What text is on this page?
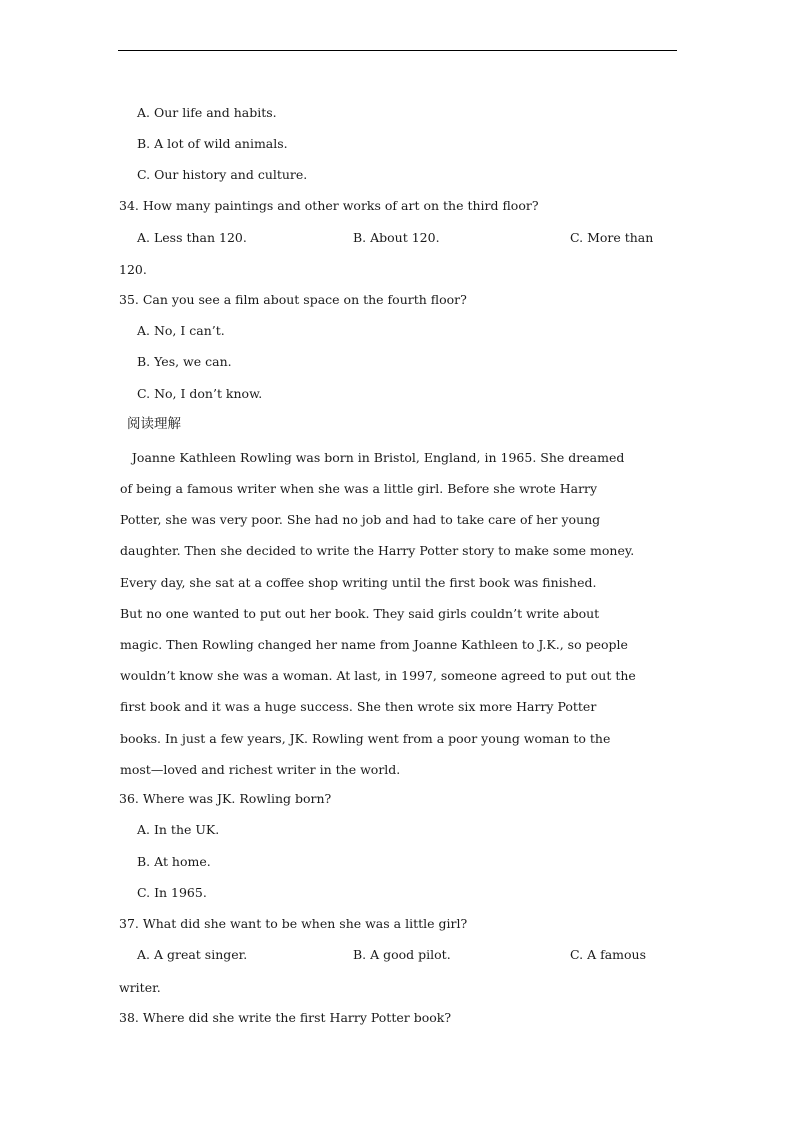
A. Our life and habits.
B. A lot of wild animals.
C. Our history and culture.
34. How many paintings and other works of art on the third floor?
A. Less than 120.	B. About 120.	C. More than
120.
35. Can you see a film about space on the fourth floor?
A. No, I can’t.
B. Yes, we can.
C. No, I don’t know.
阅读理解
Joanne Kathleen Rowling was born in Bristol, England, in 1965. She dreamed
of being a famous writer when she was a little girl. Before she wrote Harry
Potter, she was very poor. She had no job and had to take care of her young
daughter. Then she decided to write the Harry Potter story to make some money.
Every day, she sat at a coffee shop writing until the first book was finished.
But no one wanted to put out her book. They said girls couldn’t write about
magic. Then Rowling changed her name from Joanne Kathleen to J.K., so people
wouldn’t know she was a woman. At last, in 1997, someone agreed to put out the
first book and it was a huge success. She then wrote six more Harry Potter
books. In just a few years, JK. Rowling went from a poor young woman to the
most—loved and richest writer in the world.
36. Where was JK. Rowling born?
A. In the UK.
B. At home.
C. In 1965.
37. What did she want to be when she was a little girl?
A. A great singer.	B. A good pilot.	C. A famous
writer.
38. Where did she write the first Harry Potter book?
